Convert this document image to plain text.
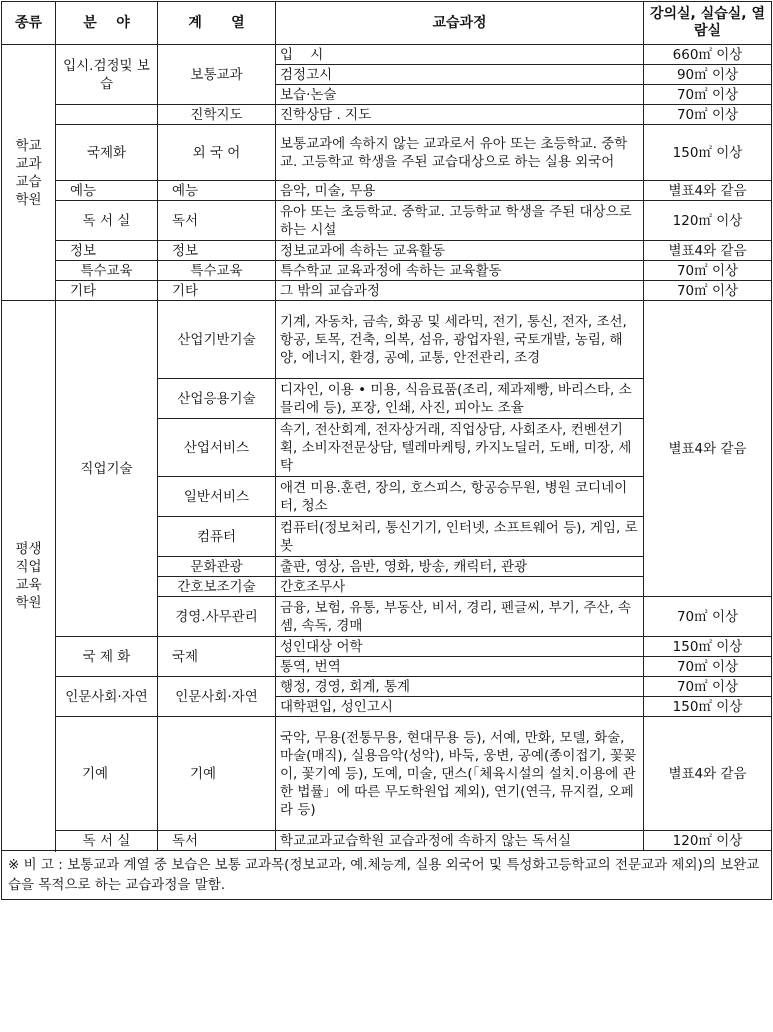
종류	분    야	계      열	교습과정	강의실, 실습실, 열람실
학교교과교습학원	입시.검정및 보습	보통교과	입    시	660㎡ 이상
			검정고시	90㎡ 이상
			보습·논술	70㎡ 이상
		진학지도	진학상담 . 지도	70㎡ 이상
	국제화	외 국 어	보통교과에 속하지 않는 교과로서 유아 또는 초등학교. 중학교. 고등학교 학생을 주된 교습대상으로 하는 실용 외국어	150㎡ 이상

	예능	예능	음악, 미술, 무용	별표4와 같음
	독 서 실	독서	유아 또는 초등학교. 중학교. 고등학교 학생을 주된 대상으로 하는 시설	120㎡ 이상
	정보	정보	정보교과에 속하는 교육활동	별표4와 같음
	특수교육	특수교육	특수학교 교육과정에 속하는 교육활동	70㎡ 이상
	기타	기타	그 밖의 교습과정	70㎡ 이상

평생직업교육학원	직업기술	산업기반기술	기계, 자동차, 금속, 화공 및 세라믹, 전기, 통신, 전자, 조선, 항공, 토목, 건축, 의복, 섬유, 광업자원, 국토개발, 농림, 해양, 에너지, 환경, 공예, 교통, 안전관리, 조경	별표4와 같음
		산업응용기술	디자인, 이용 • 미용, 식음료품(조리, 제과제빵, 바리스타, 소믈리에 등), 포장, 인쇄, 사진, 피아노 조율	
		산업서비스	속기, 전산회계, 전자상거래, 직업상담, 사회조사, 컨벤션기획, 소비자전문상담, 텔레마케팅, 카지노딜러, 도배, 미장, 세탁	
		일반서비스	애견 미용.훈련, 장의, 호스피스, 항공승무원, 병원 코디네이터, 청소	
		컴퓨터	컴퓨터(정보처리, 통신기기, 인터넷, 소프트웨어 등), 게임, 로봇	
		문화관광	출판, 영상, 음반, 영화, 방송, 캐릭터, 관광	
		간호보조기술	간호조무사	
		경영.사무관리	금융, 보험, 유통, 부동산, 비서, 경리, 펜글씨, 부기, 주산, 속셈, 속독, 경매	70㎡ 이상
	국 제 화	국제	성인대상 어학	150㎡ 이상
			통역, 번역	70㎡ 이상
	인문사회·자연	인문사회·자연	행정, 경영, 회계, 통계	70㎡ 이상
			대학편입, 성인고시	150㎡ 이상
	기예	기예	국악, 무용(전통무용, 현대무용 등), 서예, 만화, 모델, 화술, 마술(매직), 실용음악(성악), 바둑, 웅변, 공예(종이접기, 꽃꽂이, 꽃기예 등), 도예, 미술, 댄스(「체육시설의 설치.이용에 관한 법률」에 따른 무도학원업 제외), 연기(연극, 뮤지컬, 오페라 등)	별표4와 같음
	독 서 실	독서	학교교과교습학원 교습과정에 속하지 않는 독서실	120㎡ 이상

※ 비 고 : 보통교과 계열 중 보습은 보통 교과목(정보교과, 예.체능계, 실용 외국어 및 특성화고등학교의 전문교과 제외)의 보완교습을 목적으로 하는 교습과정을 말함.				
